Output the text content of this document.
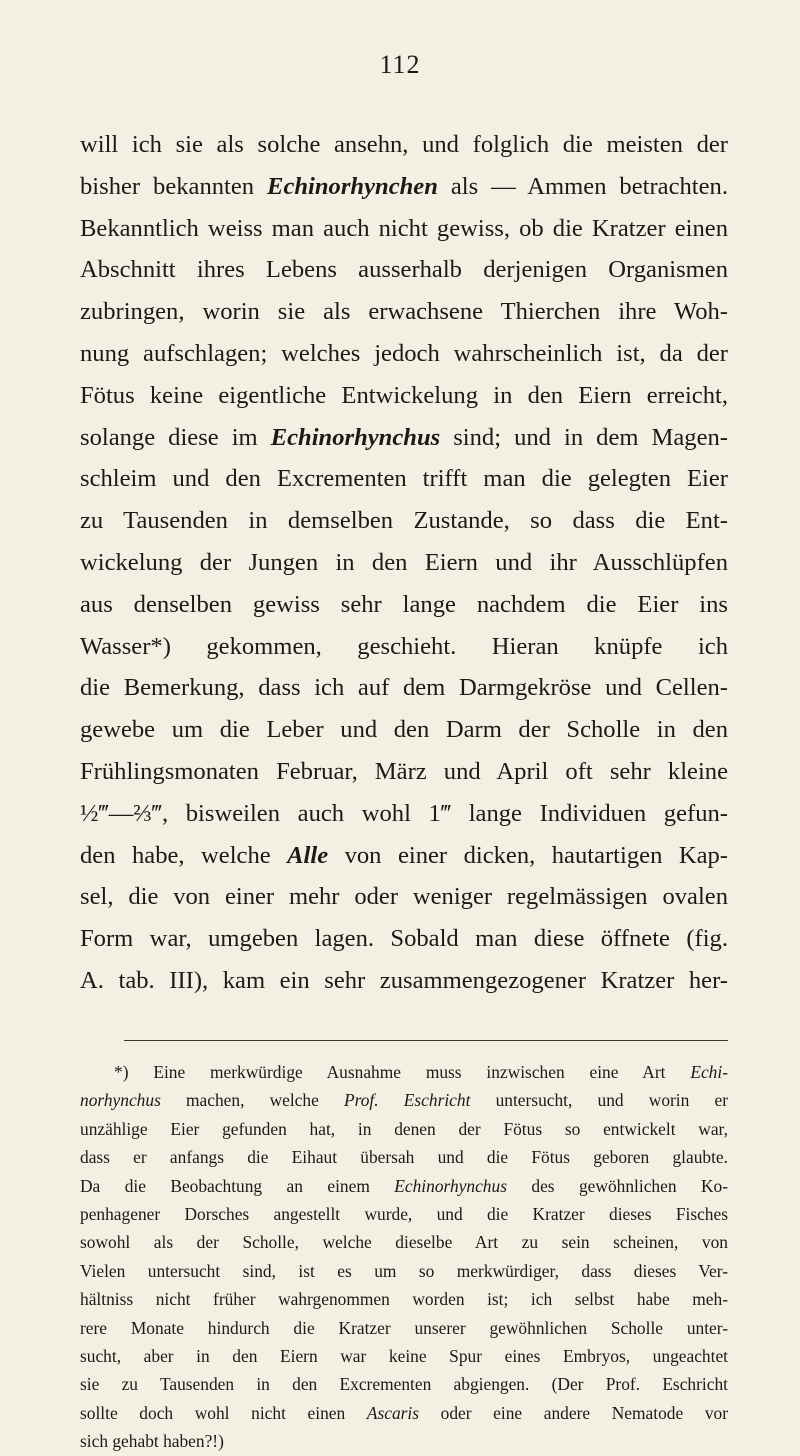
112
will ich sie als solche ansehn, und folglich die meisten der
bisher bekannten Echinorhynchen als — Ammen betrachten.
Bekanntlich weiss man auch nicht gewiss, ob die Kratzer einen
Abschnitt ihres Lebens ausserhalb derjenigen Organismen
zubringen, worin sie als erwachsene Thierchen ihre Woh-
nung aufschlagen; welches jedoch wahrscheinlich ist, da der
Fötus keine eigentliche Entwickelung in den Eiern erreicht,
solange diese im Echinorhynchus sind; und in dem Magen-
schleim und den Excrementen trifft man die gelegten Eier
zu Tausenden in demselben Zustande, so dass die Ent-
wickelung der Jungen in den Eiern und ihr Ausschlüpfen
aus denselben gewiss sehr lange nachdem die Eier ins
Wasser*) gekommen, geschieht. Hieran knüpfe ich
die Bemerkung, dass ich auf dem Darmgekröse und Cellen-
gewebe um die Leber und den Darm der Scholle in den
Frühlingsmonaten Februar, März und April oft sehr kleine
½‴—⅔‴, bisweilen auch wohl 1‴ lange Individuen gefun-
den habe, welche Alle von einer dicken, hautartigen Kap-
sel, die von einer mehr oder weniger regelmässigen ovalen
Form war, umgeben lagen. Sobald man diese öffnete (fig.
A. tab. III), kam ein sehr zusammengezogener Kratzer her-
*) Eine merkwürdige Ausnahme muss inzwischen eine Art Echi-
norhynchus machen, welche Prof. Eschricht untersucht, und worin er
unzählige Eier gefunden hat, in denen der Fötus so entwickelt war,
dass er anfangs die Eihaut übersah und die Fötus geboren glaubte.
Da die Beobachtung an einem Echinorhynchus des gewöhnlichen Ko-
penhagener Dorsches angestellt wurde, und die Kratzer dieses Fisches
sowohl als der Scholle, welche dieselbe Art zu sein scheinen, von
Vielen untersucht sind, ist es um so merkwürdiger, dass dieses Ver-
hältniss nicht früher wahrgenommen worden ist; ich selbst habe meh-
rere Monate hindurch die Kratzer unserer gewöhnlichen Scholle unter-
sucht, aber in den Eiern war keine Spur eines Embryos, ungeachtet
sie zu Tausenden in den Excrementen abgiengen. (Der Prof. Eschricht
sollte doch wohl nicht einen Ascaris oder eine andere Nematode vor
sich gehabt haben?!)
